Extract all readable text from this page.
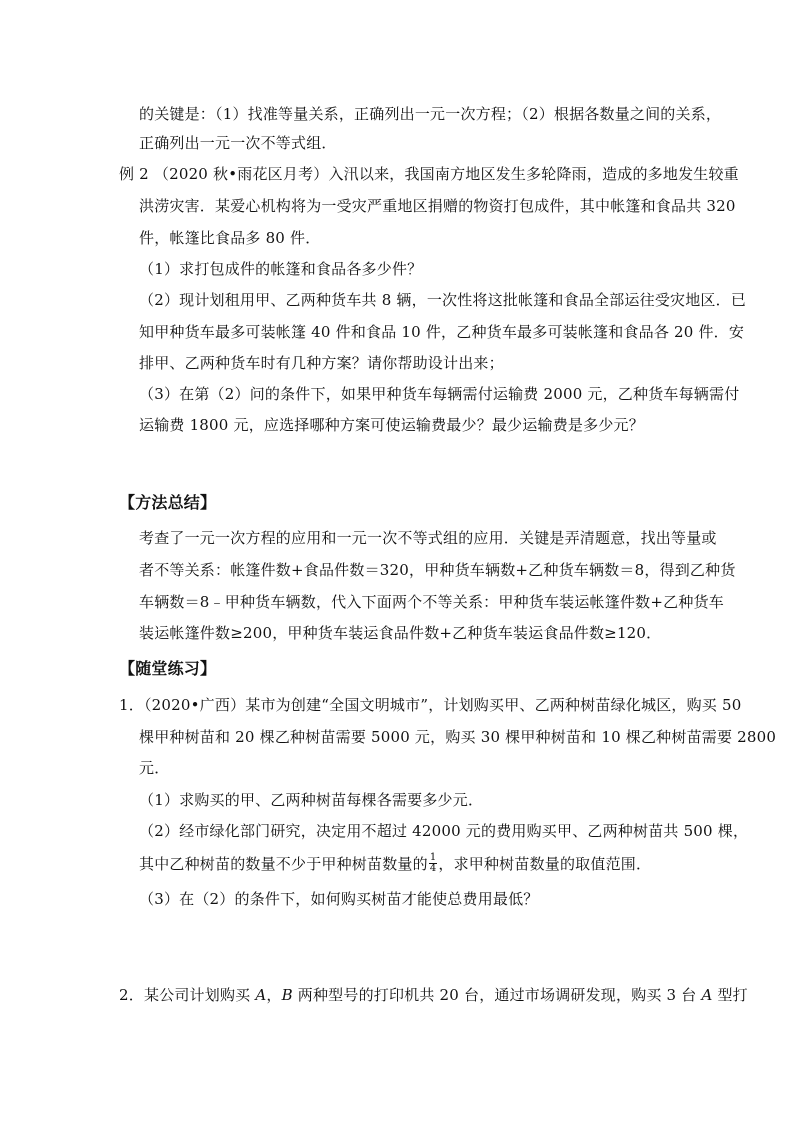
的关键是：（1）找准等量关系，正确列出一元一次方程；（2）根据各数量之间的关系，
正确列出一元一次不等式组．
例 2 （2020 秋•雨花区月考）入汛以来，我国南方地区发生多轮降雨，造成的多地发生较重
洪涝灾害．某爱心机构将为一受灾严重地区捐赠的物资打包成件，其中帐篷和食品共 320
件，帐篷比食品多 80 件．
（1）求打包成件的帐篷和食品各多少件？
（2）现计划租用甲、乙两种货车共 8 辆，一次性将这批帐篷和食品全部运往受灾地区．已
知甲种货车最多可装帐篷 40 件和食品 10 件，乙种货车最多可装帐篷和食品各 20 件．安
排甲、乙两种货车时有几种方案？请你帮助设计出来；
（3）在第（2）问的条件下，如果甲种货车每辆需付运输费 2000 元，乙种货车每辆需付
运输费 1800 元，应选择哪种方案可使运输费最少？最少运输费是多少元？
【方法总结】
考查了一元一次方程的应用和一元一次不等式组的应用．关键是弄清题意，找出等量或
者不等关系：帐篷件数+食品件数＝320，甲种货车辆数+乙种货车辆数＝8，得到乙种货
车辆数＝8﹣甲种货车辆数，代入下面两个不等关系：甲种货车装运帐篷件数+乙种货车
装运帐篷件数≥200，甲种货车装运食品件数+乙种货车装运食品件数≥120．
【随堂练习】
1．（2020•广西）某市为创建“全国文明城市”，计划购买甲、乙两种树苗绿化城区，购买 50
棵甲种树苗和 20 棵乙种树苗需要 5000 元，购买 30 棵甲种树苗和 10 棵乙种树苗需要 2800
元．
（1）求购买的甲、乙两种树苗每棵各需要多少元．
（2）经市绿化部门研究，决定用不超过 42000 元的费用购买甲、乙两种树苗共 500 棵，
其中乙种树苗的数量不少于甲种树苗数量的 $\frac{1}{4}$ ，求甲种树苗数量的取值范围．
（3）在（2）的条件下，如何购买树苗才能使总费用最低？
2．某公司计划购买 A，B 两种型号的打印机共 20 台，通过市场调研发现，购买 3 台 A 型打
